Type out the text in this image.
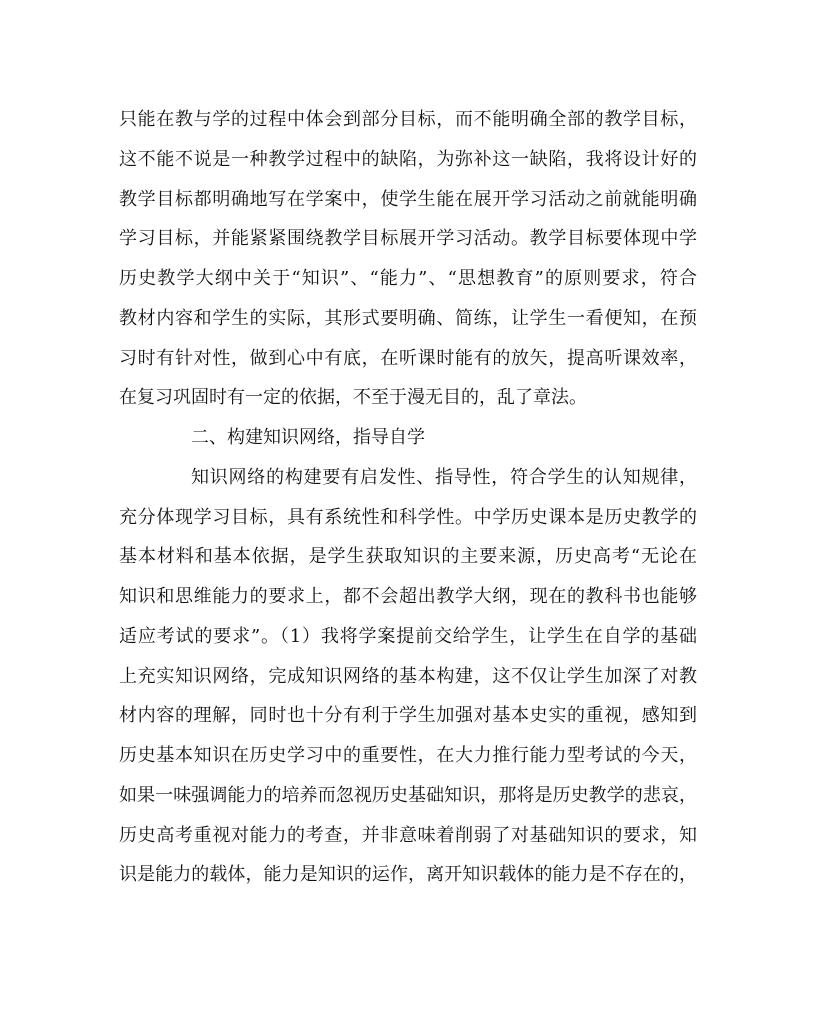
只能在教与学的过程中体会到部分目标，而不能明确全部的教学目标，
这不能不说是一种教学过程中的缺陷，为弥补这一缺陷，我将设计好的
教学目标都明确地写在学案中，使学生能在展开学习活动之前就能明确
学习目标，并能紧紧围绕教学目标展开学习活动。教学目标要体现中学
历史教学大纲中关于“知识”、“能力”、“思想教育”的原则要求，符合
教材内容和学生的实际，其形式要明确、简练，让学生一看便知，在预
习时有针对性，做到心中有底，在听课时能有的放矢，提高听课效率，
在复习巩固时有一定的依据，不至于漫无目的，乱了章法。
二、构建知识网络，指导自学
知识网络的构建要有启发性、指导性，符合学生的认知规律，
充分体现学习目标，具有系统性和科学性。中学历史课本是历史教学的
基本材料和基本依据，是学生获取知识的主要来源，历史高考“无论在
知识和思维能力的要求上，都不会超出教学大纲，现在的教科书也能够
适应考试的要求”。（1）我将学案提前交给学生，让学生在自学的基础
上充实知识网络，完成知识网络的基本构建，这不仅让学生加深了对教
材内容的理解，同时也十分有利于学生加强对基本史实的重视，感知到
历史基本知识在历史学习中的重要性，在大力推行能力型考试的今天，
如果一味强调能力的培养而忽视历史基础知识，那将是历史教学的悲哀，
历史高考重视对能力的考查，并非意味着削弱了对基础知识的要求，知
识是能力的载体，能力是知识的运作，离开知识载体的能力是不存在的，
